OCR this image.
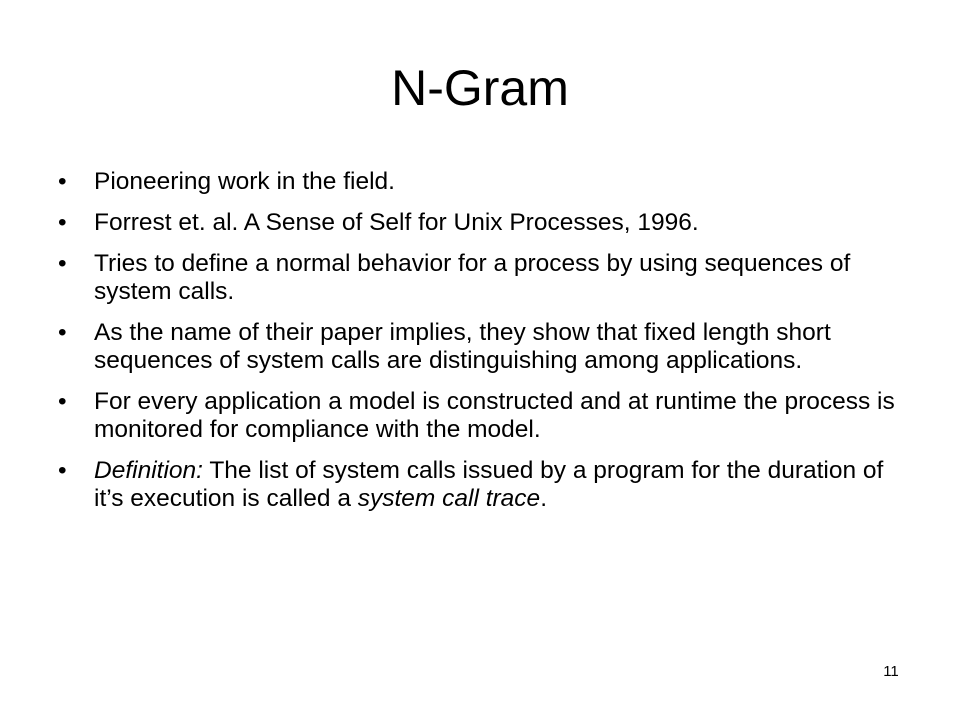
N-Gram
•	Pioneering work in the field.
•	Forrest et. al. A Sense of Self for Unix Processes, 1996.
•	Tries to define a normal behavior for a process by using sequences of system calls.
•	As the name of their paper implies, they show that fixed length short sequences of system calls are distinguishing among applications.
•	For every application a model is constructed and at runtime the process is monitored for compliance with the model.
•	Definition: The list of system calls issued by a program for the duration of it’s execution is called a system call trace.
11
